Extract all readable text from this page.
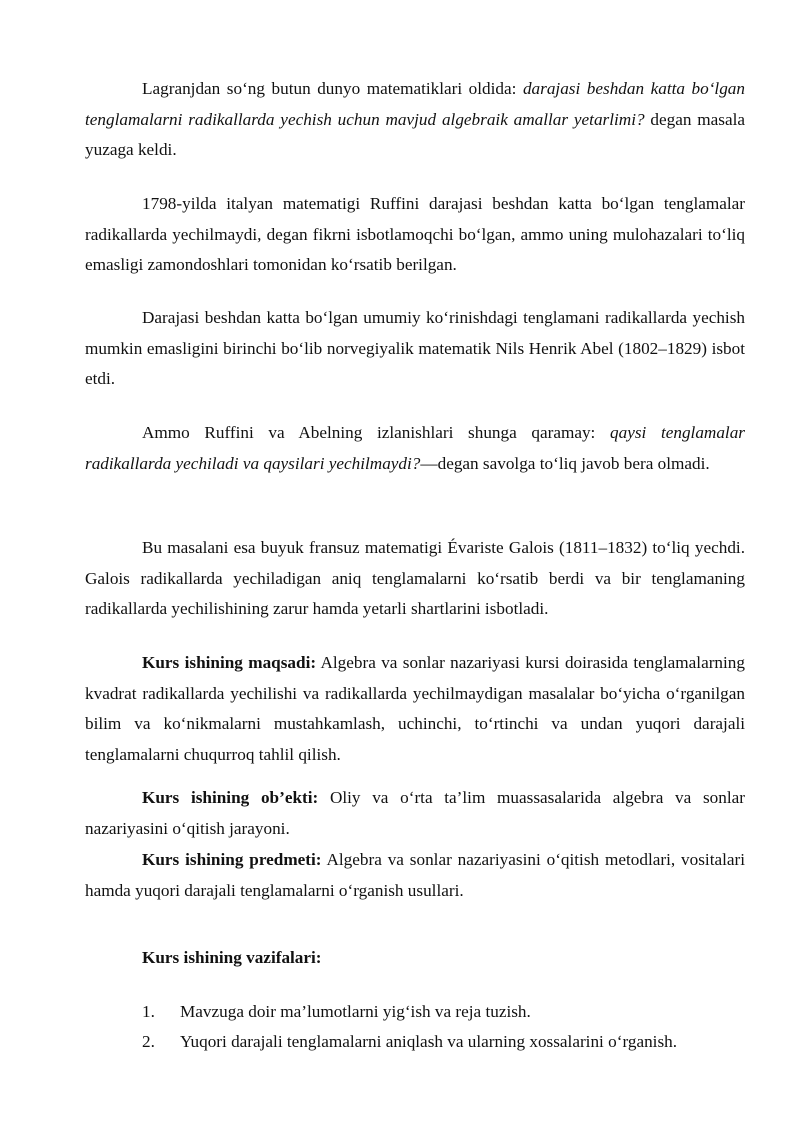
Lagranjdan so‘ng butun dunyo matematiklari oldida: darajasi beshdan katta bo‘lgan tenglamalarni radikallarda yechish uchun mavjud algebraik amallar yetarlimi? degan masala yuzaga keldi.

1798-yilda italyan matematigi Ruffini darajasi beshdan katta bo‘lgan tenglamalar radikallarda yechilmaydi, degan fikrni isbotlamoqchi bo‘lgan, ammo uning mulohazalari to‘liq emasligi zamondoshlari tomonidan ko‘rsatib berilgan.

Darajasi beshdan katta bo‘lgan umumiy ko‘rinishdagi tenglamani radikallarda yechish mumkin emasligini birinchi bo‘lib norvegiyalik matematik Nils Henrik Abel (1802–1829) isbot etdi.

Ammo Ruffini va Abelning izlanishlari shunga qaramay: qaysi tenglamalar radikallarda yechiladi va qaysilari yechilmaydi?—degan savolga to‘liq javob bera olmadi.

Bu masalani esa buyuk fransuz matematigi Évariste Galois (1811–1832) to‘liq yechdi. Galois radikallarda yechiladigan aniq tenglamalarni ko‘rsatib berdi va bir tenglamaning radikallarda yechilishining zarur hamda yetarli shartlarini isbotladi.

Kurs ishining maqsadi: Algebra va sonlar nazariyasi kursi doirasida tenglamalarning kvadrat radikallarda yechilishi va radikallarda yechilmaydigan masalalar bo‘yicha o‘rganilgan bilim va ko‘nikmalarni mustahkamlash, uchinchi, to‘rtinchi va undan yuqori darajali tenglamalarni chuqurroq tahlil qilish.

Kurs ishining ob’ekti: Oliy va o‘rta ta’lim muassasalarida algebra va sonlar nazariyasini o‘qitish jarayoni.

Kurs ishining predmeti: Algebra va sonlar nazariyasini o‘qitish metodlari, vositalari hamda yuqori darajali tenglamalarni o‘rganish usullari.

Kurs ishining vazifalari:

1.	Mavzuga doir ma’lumotlarni yig‘ish va reja tuzish.
2.	Yuqori darajali tenglamalarni aniqlash va ularning xossalarini o‘rganish.
